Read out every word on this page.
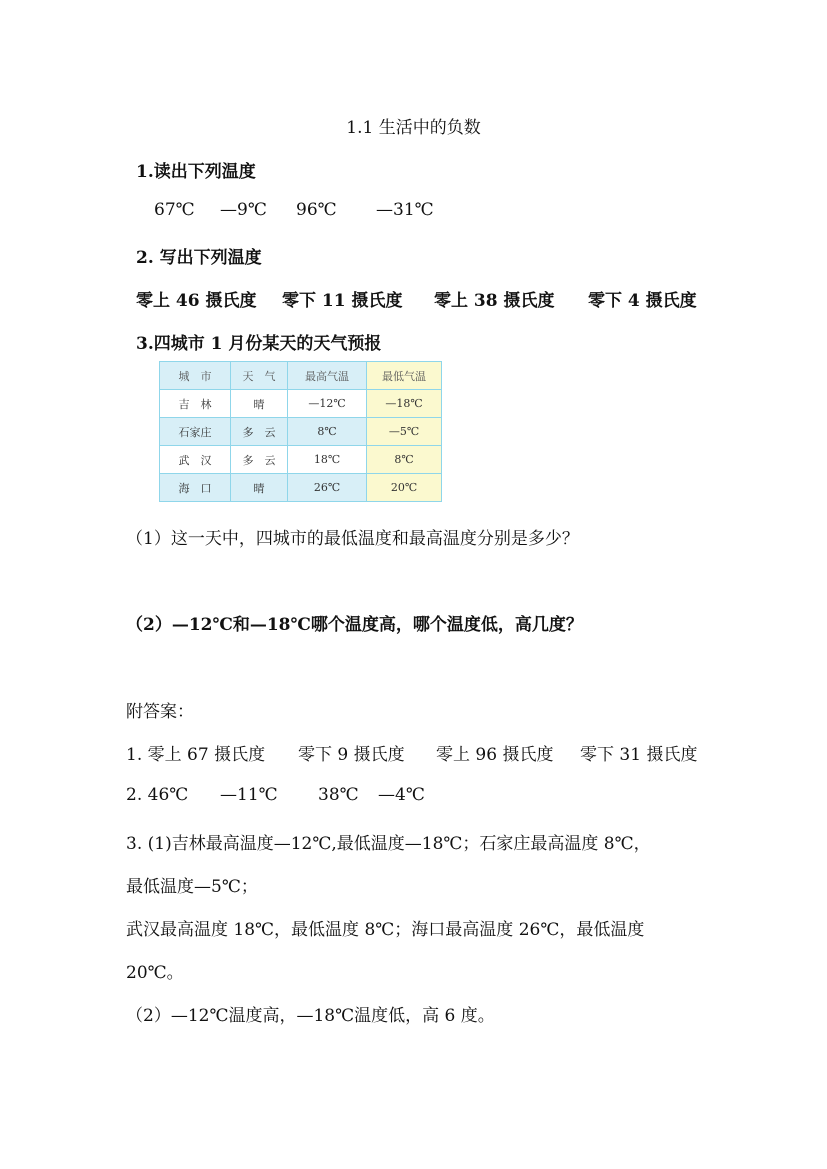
1.1 生活中的负数
1.读出下列温度
67℃	—9℃	96℃	—31℃
2. 写出下列温度
零上 46 摄氏度	零下 11 摄氏度	零上 38 摄氏度	零下 4 摄氏度
3.四城市 1 月份某天的天气预报
城　市	天　气	最高气温	最低气温
吉　林	晴	—12℃	—18℃
石家庄	多　云	8℃	—5℃
武　汉	多　云	18℃	8℃
海　口	晴	26℃	20℃
（1）这一天中，四城市的最低温度和最高温度分别是多少？
（2）—12℃和—18℃哪个温度高，哪个温度低，高几度？
附答案：
1. 零上 67 摄氏度	零下 9 摄氏度	零上 96 摄氏度	零下 31 摄氏度
2. 46℃	—11℃	38℃	—4℃
3. (1)吉林最高温度—12℃,最低温度—18℃；石家庄最高温度 8℃，
最低温度—5℃；
武汉最高温度 18℃，最低温度 8℃；海口最高温度 26℃，最低温度
20℃。
（2）—12℃温度高，—18℃温度低，高 6 度。
